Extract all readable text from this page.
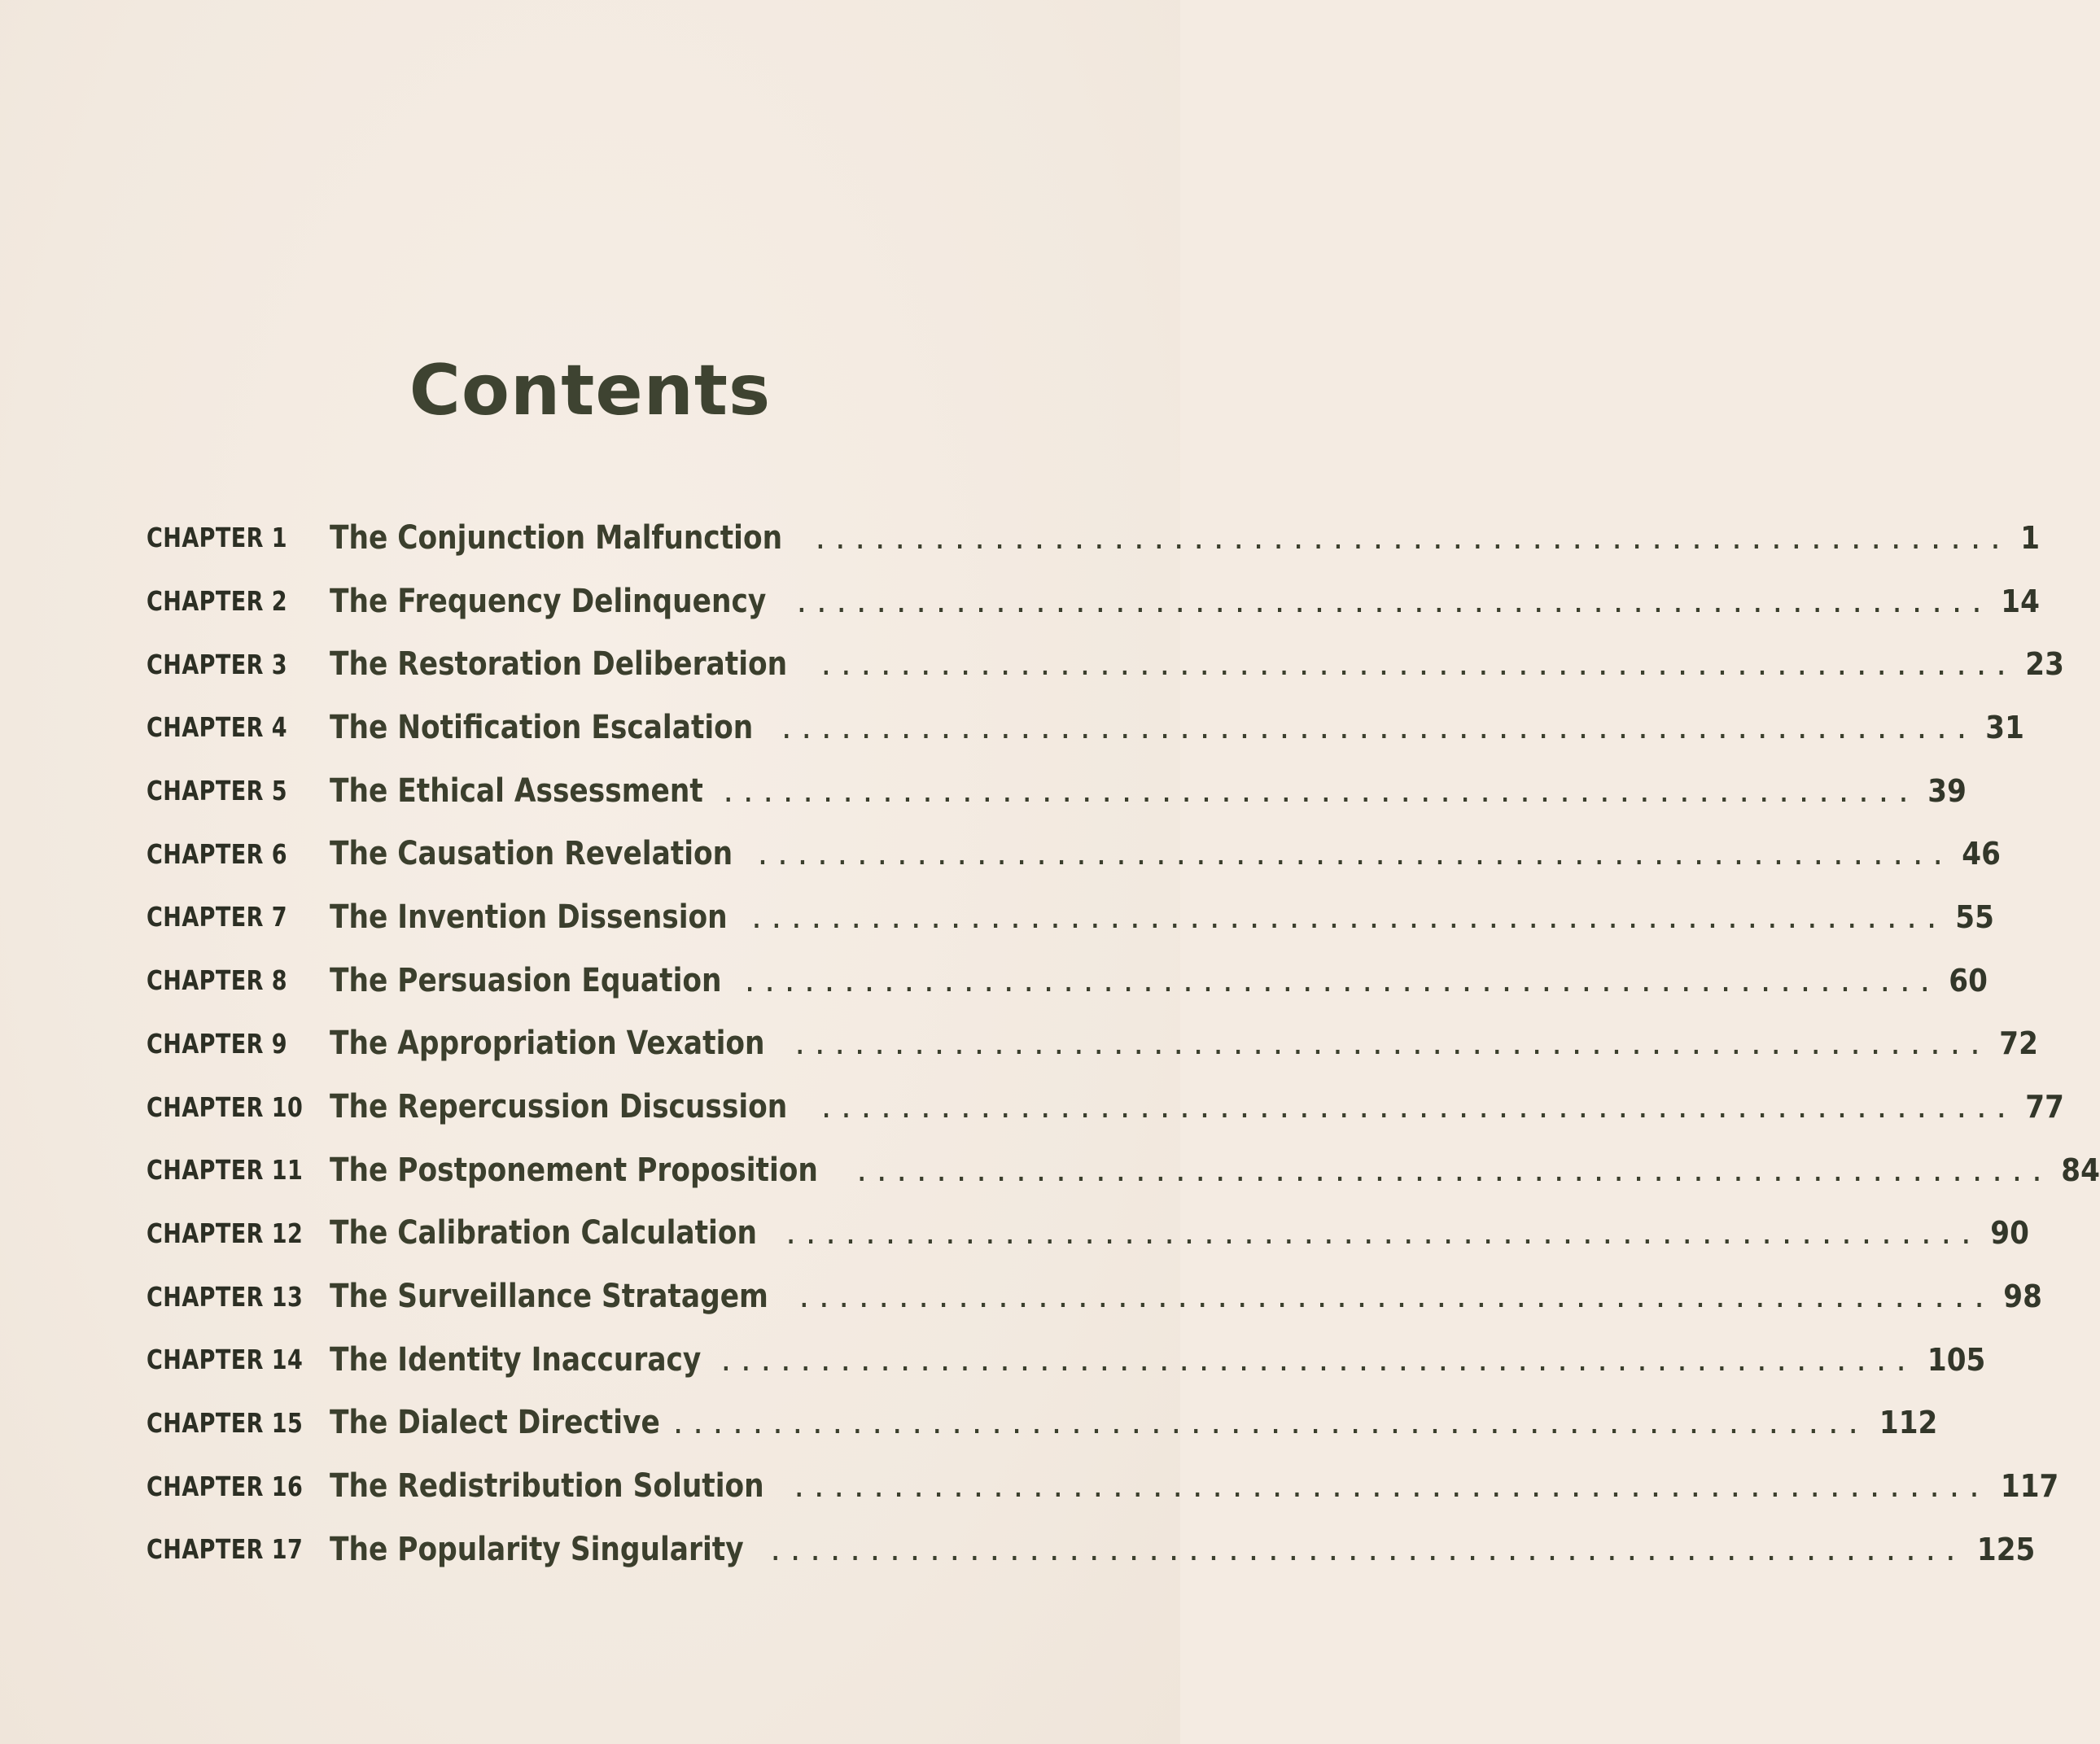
Contents
CHAPTER 1 The Conjunction Malfunction ............................................................ 1
CHAPTER 2 The Frequency Delinquency ............................................................ 14
CHAPTER 3 The Restoration Deliberation ............................................................ 23
CHAPTER 4 The Notification Escalation ............................................................ 31
CHAPTER 5 The Ethical Assessment ............................................................ 39
CHAPTER 6 The Causation Revelation ............................................................ 46
CHAPTER 7 The Invention Dissension ............................................................ 55
CHAPTER 8 The Persuasion Equation ............................................................ 60
CHAPTER 9 The Appropriation Vexation ............................................................ 72
CHAPTER 10 The Repercussion Discussion ............................................................ 77
CHAPTER 11 The Postponement Proposition ............................................................ 84
CHAPTER 12 The Calibration Calculation ............................................................ 90
CHAPTER 13 The Surveillance Stratagem ............................................................ 98
CHAPTER 14 The Identity Inaccuracy ............................................................ 105
CHAPTER 15 The Dialect Directive ............................................................ 112
CHAPTER 16 The Redistribution Solution ............................................................ 117
CHAPTER 17 The Popularity Singularity ............................................................ 125
